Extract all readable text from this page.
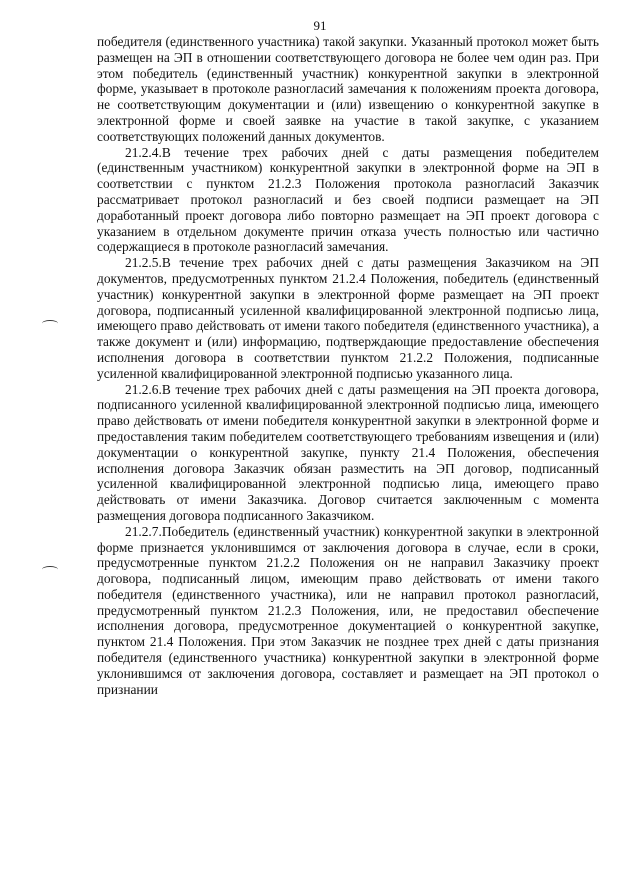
91

победителя (единственного участника) такой закупки. Указанный протокол может быть размещен на ЭП в отношении соответствующего договора не более чем один раз. При этом победитель (единственный участник) конкурентной закупки в электронной форме, указывает в протоколе разногласий замечания к положениям проекта договора, не соответствующим документации и (или) извещению о конкурентной закупке в электронной форме и своей заявке на участие в такой закупке, с указанием соответствующих положений данных документов.

21.2.4.В течение трех рабочих дней с даты размещения победителем (единственным участником) конкурентной закупки в электронной форме на ЭП в соответствии с пунктом 21.2.3 Положения протокола разногласий Заказчик рассматривает протокол разногласий и без своей подписи размещает на ЭП доработанный проект договора либо повторно размещает на ЭП проект договора с указанием в отдельном документе причин отказа учесть полностью или частично содержащиеся в протоколе разногласий замечания.

21.2.5.В течение трех рабочих дней с даты размещения Заказчиком на ЭП документов, предусмотренных пунктом 21.2.4 Положения, победитель (единственный участник) конкурентной закупки в электронной форме размещает на ЭП проект договора, подписанный усиленной квалифицированной электронной подписью лица, имеющего право действовать от имени такого победителя (единственного участника), а также документ и (или) информацию, подтверждающие предоставление обеспечения исполнения договора в соответствии пунктом 21.2.2 Положения, подписанные усиленной квалифицированной электронной подписью указанного лица.

21.2.6.В течение трех рабочих дней с даты размещения на ЭП проекта договора, подписанного усиленной квалифицированной электронной подписью лица, имеющего право действовать от имени победителя конкурентной закупки в электронной форме и предоставления таким победителем соответствующего требованиям извещения и (или) документации о конкурентной закупке, пункту 21.4 Положения, обеспечения исполнения договора Заказчик обязан разместить на ЭП договор, подписанный усиленной квалифицированной электронной подписью лица, имеющего право действовать от имени Заказчика. Договор считается заключенным с момента размещения договора подписанного Заказчиком.

21.2.7.Победитель (единственный участник) конкурентной закупки в электронной форме признается уклонившимся от заключения договора в случае, если в сроки, предусмотренные пунктом 21.2.2 Положения он не направил Заказчику проект договора, подписанный лицом, имеющим право действовать от имени такого победителя (единственного участника), или не направил протокол разногласий, предусмотренный пунктом 21.2.3 Положения, или, не предоставил обеспечение исполнения договора, предусмотренное документацией о конкурентной закупке, пунктом 21.4 Положения. При этом Заказчик не позднее трех дней с даты признания победителя (единственного участника) конкурентной закупки в электронной форме уклонившимся от заключения договора, составляет и размещает на ЭП протокол о признании
